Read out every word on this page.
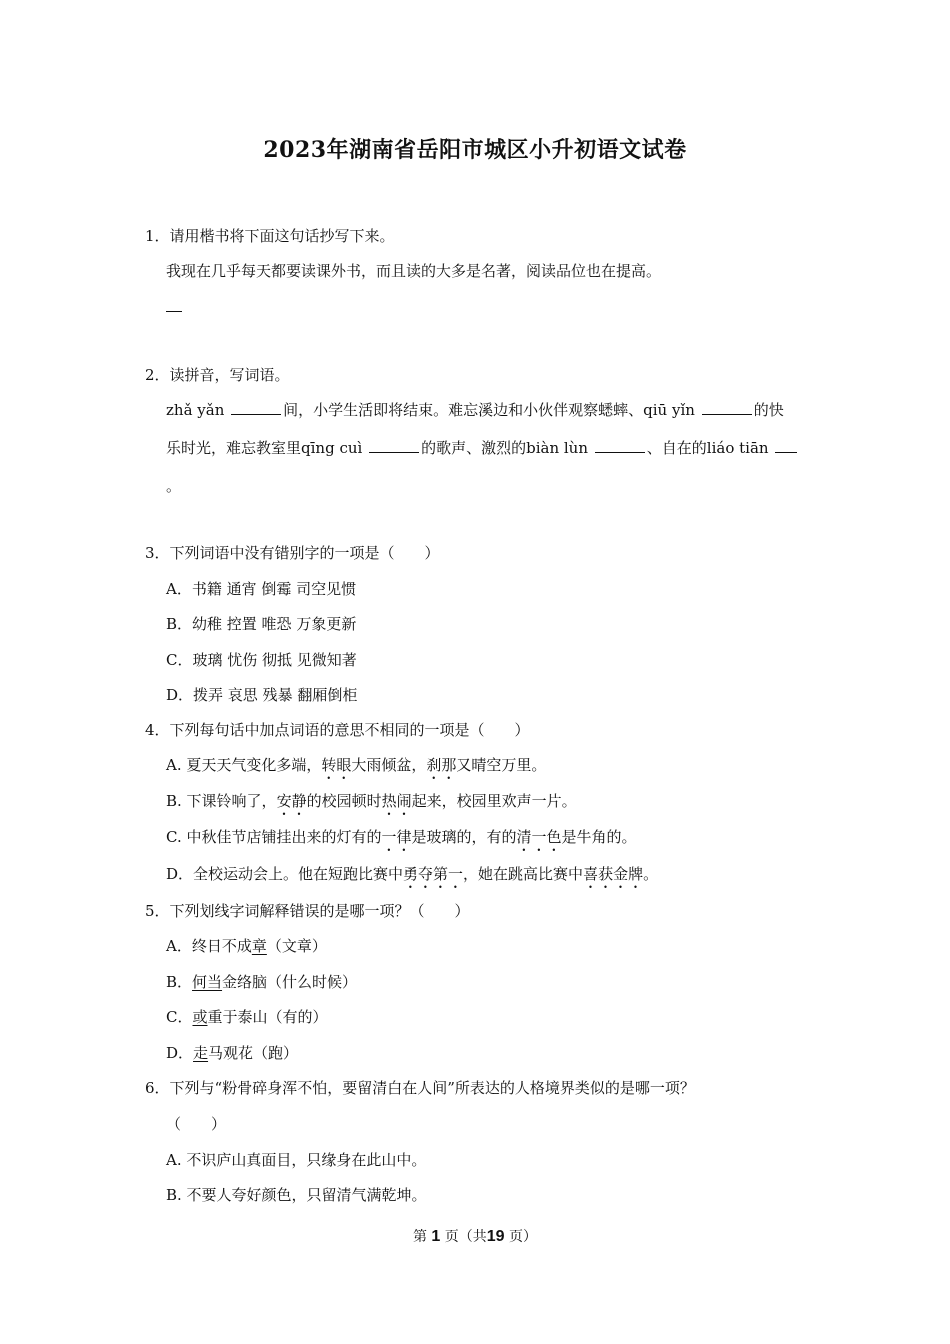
2023年湖南省岳阳市城区小升初语文试卷
1．请用楷书将下面这句话抄写下来。
我现在几乎每天都要读课外书，而且读的大多是名著，阅读品位也在提高。
2．读拼音，写词语。
zhǎ yǎn	间，小学生活即将结束。难忘溪边和小伙伴观察蟋蟀、qiū yǐn	的快
乐时光，难忘教室里qīng cuì	的歌声、激烈的biàn lùn	、自在的liáo tiān
。
3．下列词语中没有错别字的一项是（　　）
A．书籍 通宵 倒霉 司空见惯
B．幼稚 控置 唯恐 万象更新
C．玻璃 忧伤 彻抵 见微知著
D．拨弄 哀思 残暴 翻厢倒柜
4．下列每句话中加点词语的意思不相同的一项是（　　）
A. 夏天天气变化多端，转眼大雨倾盆，刹那又晴空万里。
B. 下课铃响了，安静的校园顿时热闹起来，校园里欢声一片。
C. 中秋佳节店铺挂出来的灯有的一律是玻璃的，有的清一色是牛角的。
D．全校运动会上。他在短跑比赛中勇夺第一，她在跳高比赛中喜获金牌。
5．下列划线字词解释错误的是哪一项？（　　）
A．终日不成章（文章）
B．何当金络脑（什么时候）
C．或重于泰山（有的）
D．走马观花（跑）
6．下列与“粉骨碎身浑不怕，要留清白在人间”所表达的人格境界类似的是哪一项？
（　　）
A. 不识庐山真面目，只缘身在此山中。
B. 不要人夸好颜色，只留清气满乾坤。
第 1 页（共19 页）
